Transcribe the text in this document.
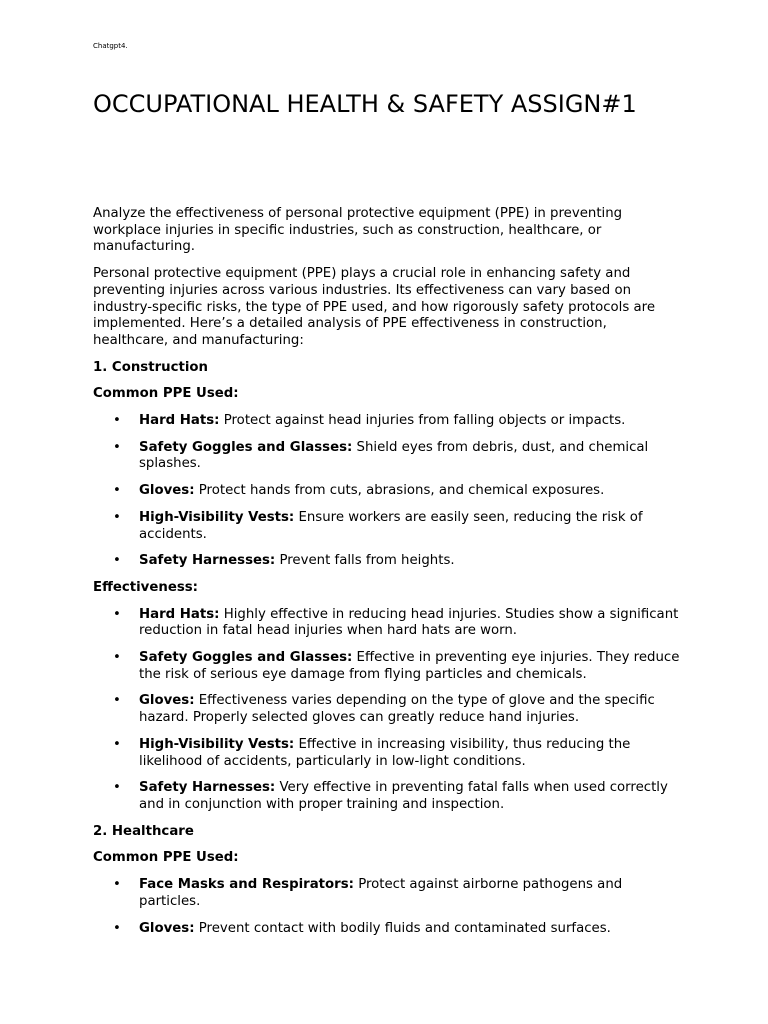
Chatgpt4.
OCCUPATIONAL HEALTH & SAFETY ASSIGN#1

Analyze the effectiveness of personal protective equipment (PPE) in preventing workplace injuries in specific industries, such as construction, healthcare, or manufacturing.

Personal protective equipment (PPE) plays a crucial role in enhancing safety and preventing injuries across various industries. Its effectiveness can vary based on industry-specific risks, the type of PPE used, and how rigorously safety protocols are implemented. Here’s a detailed analysis of PPE effectiveness in construction, healthcare, and manufacturing:

1. Construction
Common PPE Used:
• Hard Hats: Protect against head injuries from falling objects or impacts.
• Safety Goggles and Glasses: Shield eyes from debris, dust, and chemical splashes.
• Gloves: Protect hands from cuts, abrasions, and chemical exposures.
• High-Visibility Vests: Ensure workers are easily seen, reducing the risk of accidents.
• Safety Harnesses: Prevent falls from heights.
Effectiveness:
• Hard Hats: Highly effective in reducing head injuries. Studies show a significant reduction in fatal head injuries when hard hats are worn.
• Safety Goggles and Glasses: Effective in preventing eye injuries. They reduce the risk of serious eye damage from flying particles and chemicals.
• Gloves: Effectiveness varies depending on the type of glove and the specific hazard. Properly selected gloves can greatly reduce hand injuries.
• High-Visibility Vests: Effective in increasing visibility, thus reducing the likelihood of accidents, particularly in low-light conditions.
• Safety Harnesses: Very effective in preventing fatal falls when used correctly and in conjunction with proper training and inspection.
2. Healthcare
Common PPE Used:
• Face Masks and Respirators: Protect against airborne pathogens and particles.
• Gloves: Prevent contact with bodily fluids and contaminated surfaces.
